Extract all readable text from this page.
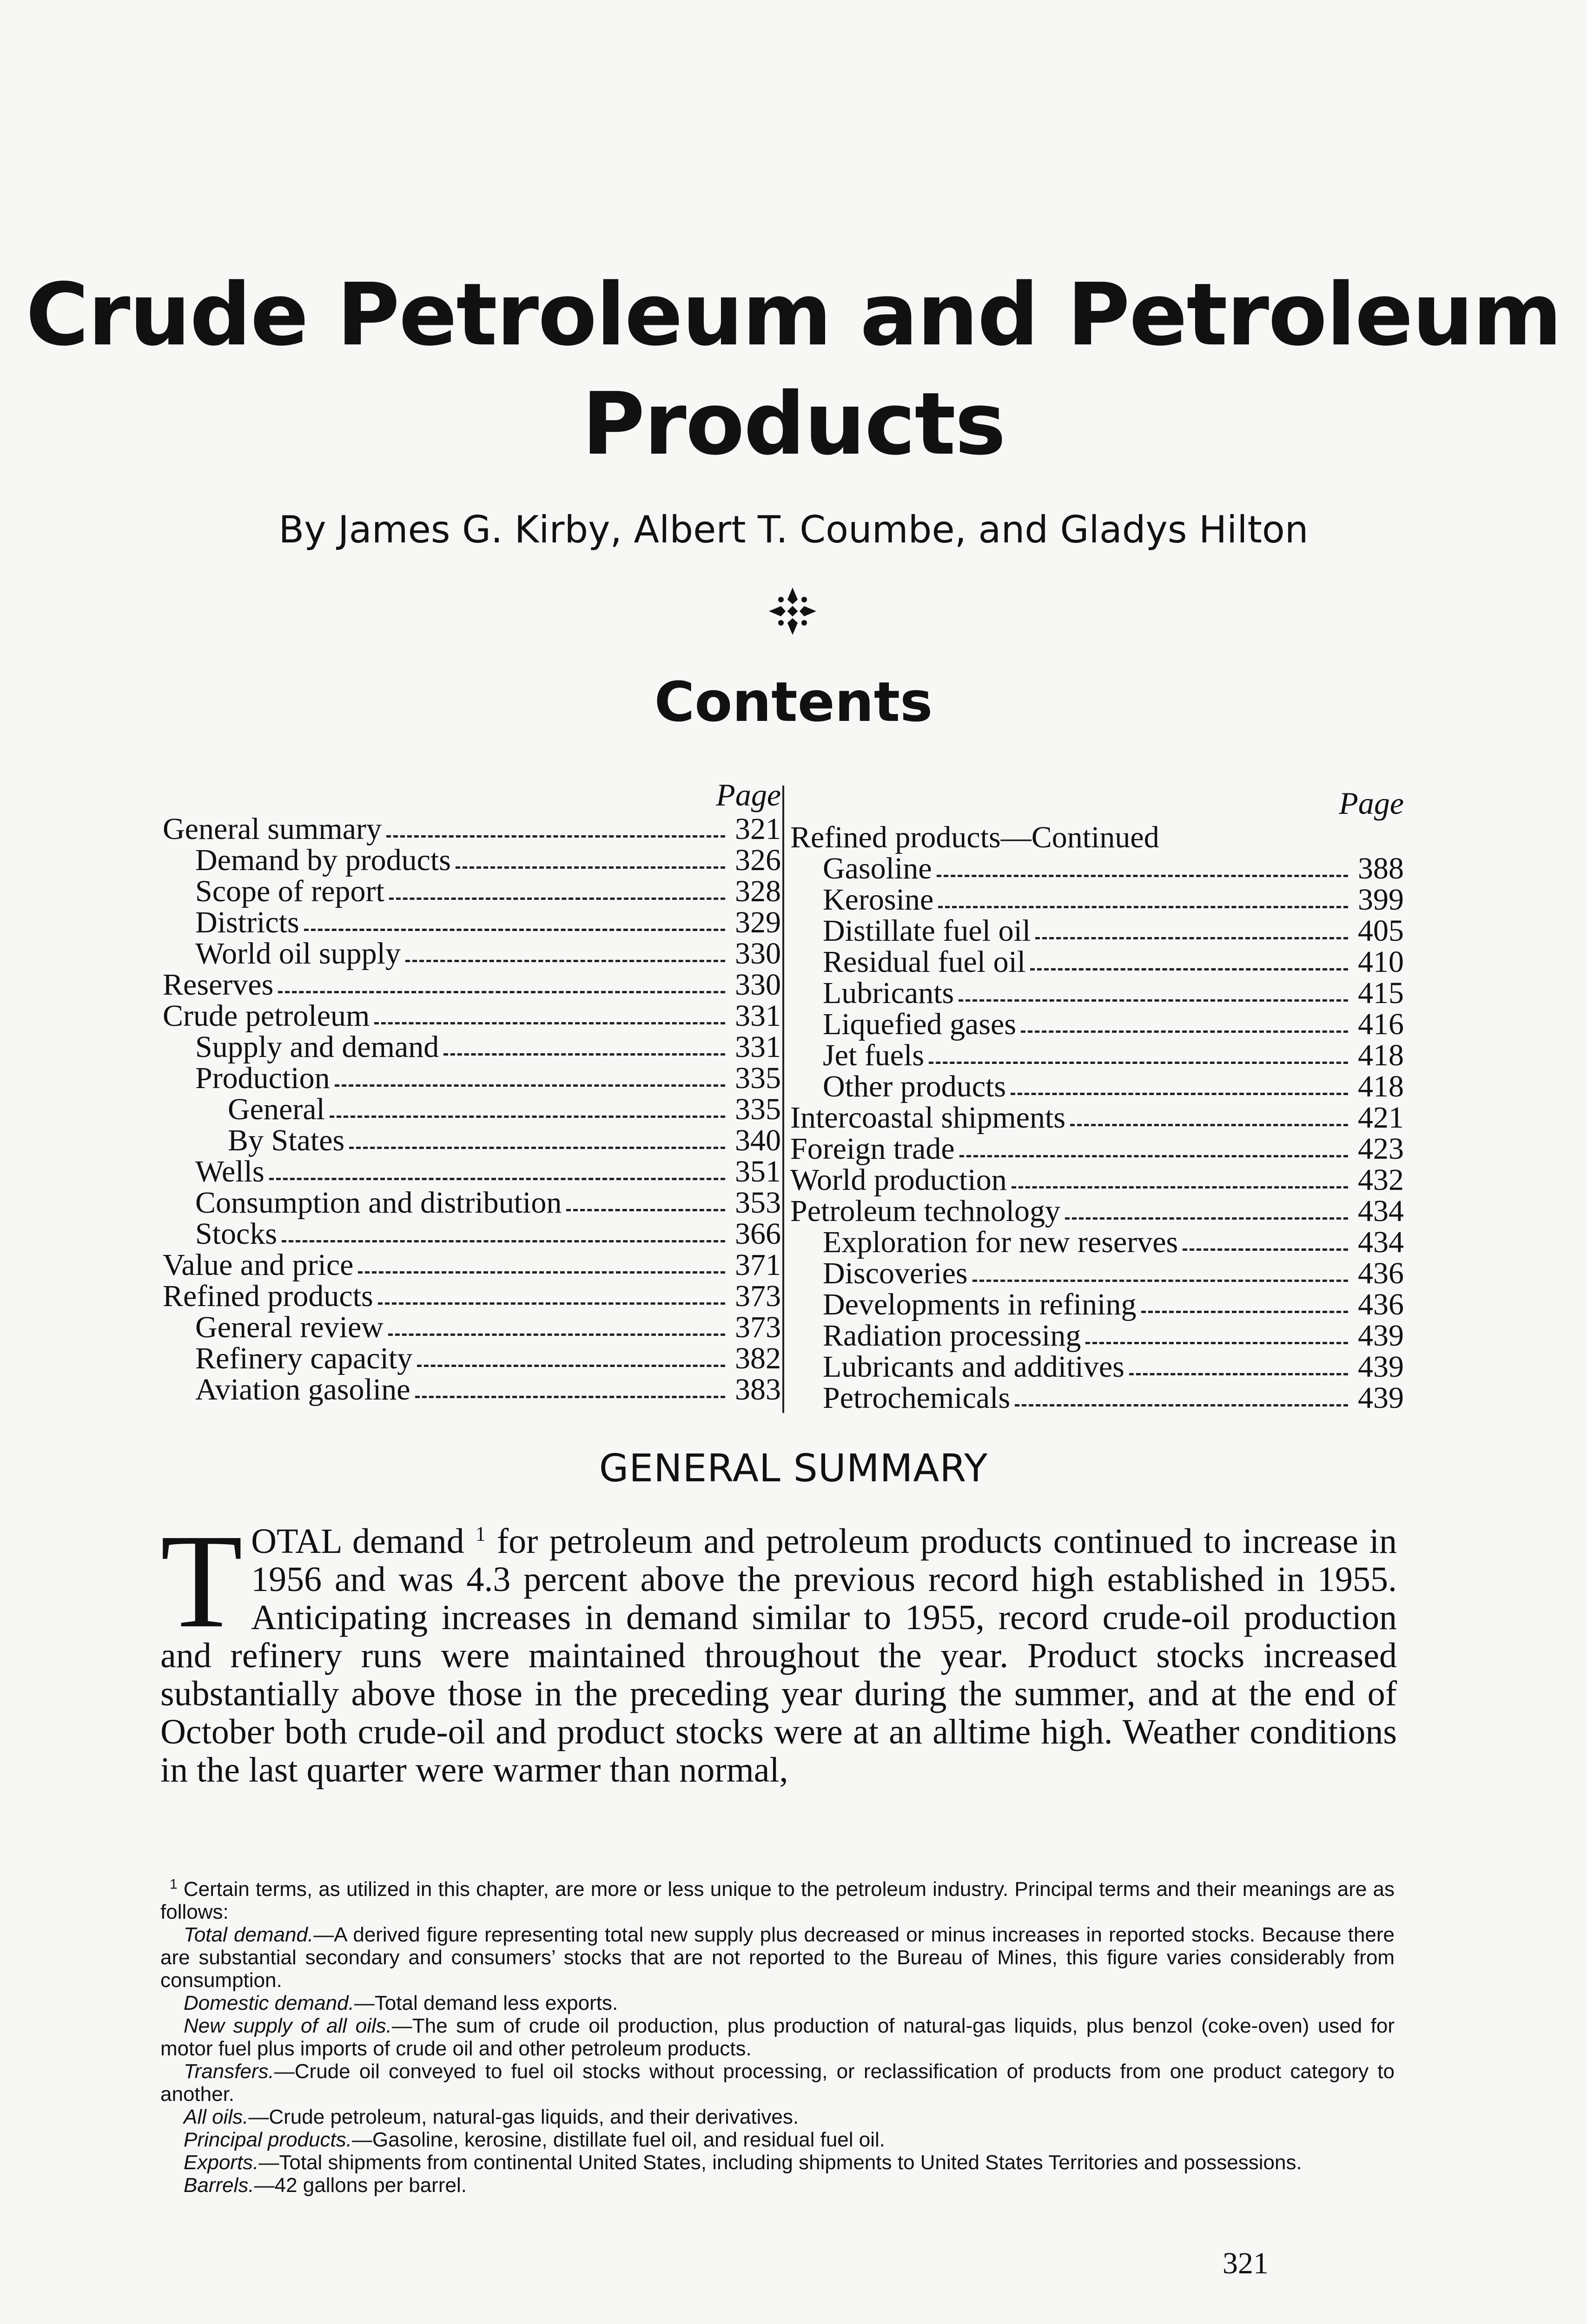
Crude Petroleum and Petroleum
Products
By James G. Kirby, Albert T. Coumbe, and Gladys Hilton
Contents
Page
General summary	321
Demand by products	326
Scope of report	328
Districts	329
World oil supply	330
Reserves	330
Crude petroleum	331
Supply and demand	331
Production	335
General	335
By States	340
Wells	351
Consumption and distribution	353
Stocks	366
Value and price	371
Refined products	373
General review	373
Refinery capacity	382
Aviation gasoline	383
Page
Refined products—Continued
Gasoline	388
Kerosine	399
Distillate fuel oil	405
Residual fuel oil	410
Lubricants	415
Liquefied gases	416
Jet fuels	418
Other products	418
Intercoastal shipments	421
Foreign trade	423
World production	432
Petroleum technology	434
Exploration for new reserves	434
Discoveries	436
Developments in refining	436
Radiation processing	439
Lubricants and additives	439
Petrochemicals	439
GENERAL SUMMARY
TOTAL demand $^1$ for petroleum and petroleum products continued to increase in 1956 and was 4.3 percent above the previous record high established in 1955. Anticipating increases in demand similar to 1955, record crude-oil production and refinery runs were maintained throughout the year. Product stocks increased substantially above those in the preceding year during the summer, and at the end of October both crude-oil and product stocks were at an alltime high. Weather conditions in the last quarter were warmer than normal,

$^1$ Certain terms, as utilized in this chapter, are more or less unique to the petroleum industry. Principal terms and their meanings are as follows:

Total demand.—A derived figure representing total new supply plus decreased or minus increases in reported stocks. Because there are substantial secondary and consumers’ stocks that are not reported to the Bureau of Mines, this figure varies considerably from consumption.

Domestic demand.—Total demand less exports.

New supply of all oils.—The sum of crude oil production, plus production of natural-gas liquids, plus benzol (coke-oven) used for motor fuel plus imports of crude oil and other petroleum products.

Transfers.—Crude oil conveyed to fuel oil stocks without processing, or reclassification of products from one product category to another.

All oils.—Crude petroleum, natural-gas liquids, and their derivatives.

Principal products.—Gasoline, kerosine, distillate fuel oil, and residual fuel oil.

Exports.—Total shipments from continental United States, including shipments to United States Territories and possessions.

Barrels.—42 gallons per barrel.

321
